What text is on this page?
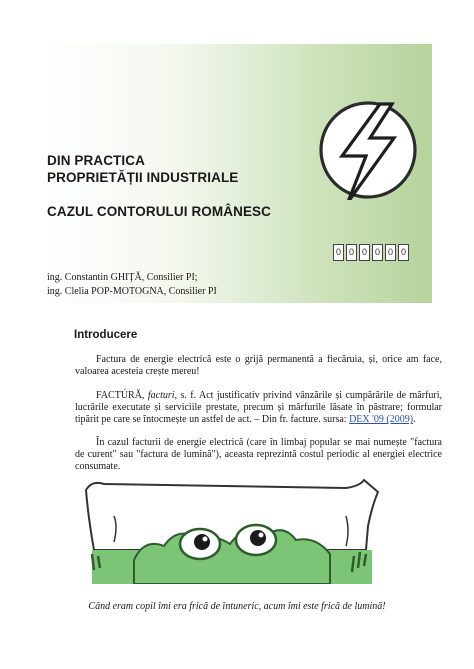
DIN PRACTICA
PROPRIETĂȚII INDUSTRIALE
CAZUL CONTORULUI ROMÂNESC
ing. Constantin GHIȚĂ, Consilier PI;
ing. Clelia POP-MOTOGNA, Consilier PI
0 0 0 0 0 0
Introducere
Factura de energie electrică este o grijă permanentă a fiecăruia, și, orice am face, valoarea acesteia crește mereu!
FACTÚRĂ, facturi, s. f. Act justificativ privind vânzările și cumpărările de mărfuri, lucrările executate și serviciile prestate, precum și mărfurile lăsate în păstrare; formular tipărit pe care se întocmește un astfel de act. – Din fr. facture. sursa: DEX '09 (2009).
În cazul facturii de energie electrică (care în limbaj popular se mai numește "factura de curent" sau "factura de lumină"), aceasta reprezintă costul periodic al energiei electrice consumate.
Când eram copil îmi era frică de întuneric, acum îmi este frică de lumină!
